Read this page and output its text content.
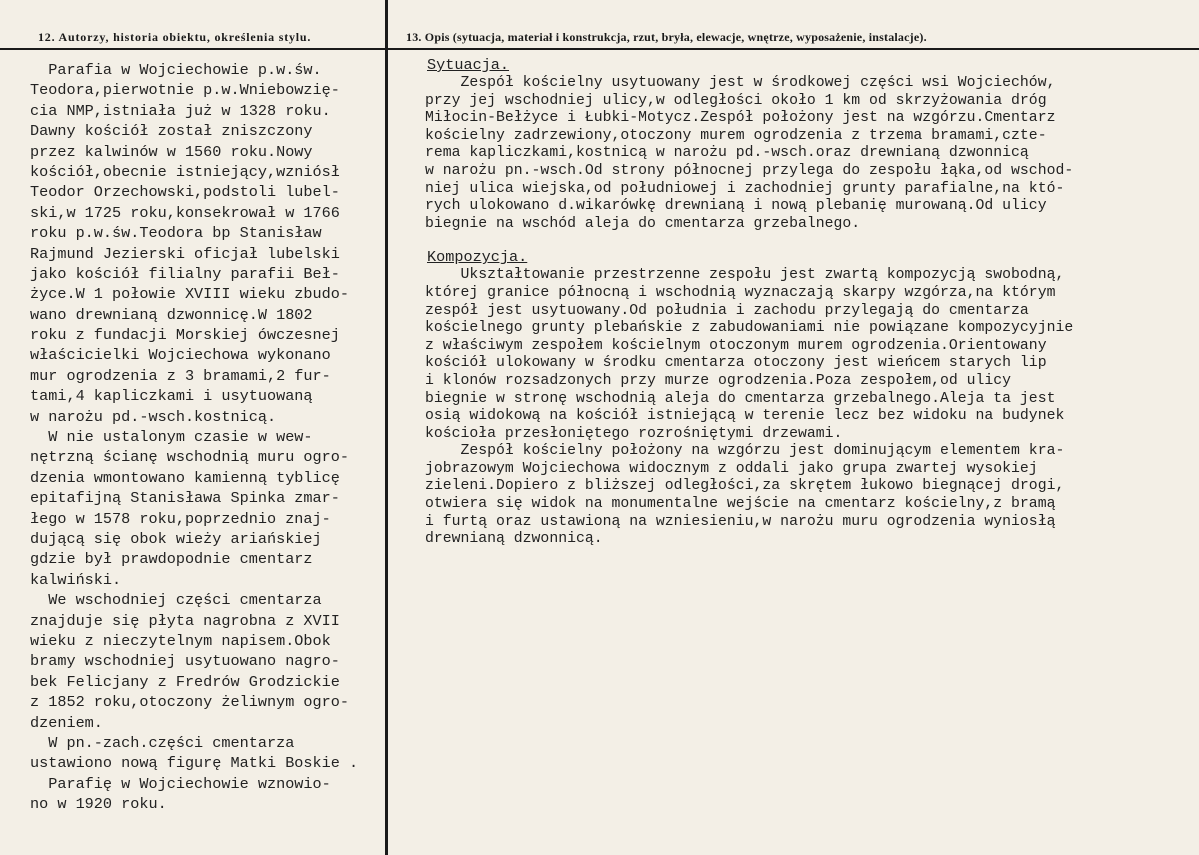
12. Autorzy, historia obiektu, określenia stylu.	13. Opis (sytuacja, materiał i konstrukcja, rzut, bryła, elewacje, wnętrze, wyposażenie, instalacje).
Parafia w Wojciechowie p.w.św.
Teodora,pierwotnie p.w.Wniebowzię-
cia NMP,istniała już w 1328 roku.
Dawny kościół został zniszczony
przez kalwinów w 1560 roku.Nowy
kościół,obecnie istniejący,wzniósł
Teodor Orzechowski,podstoli lubel-
ski,w 1725 roku,konsekrował w 1766
roku p.w.św.Teodora bp Stanisław
Rajmund Jezierski oficjał lubelski
jako kościół filialny parafii Beł-
życe.W 1 połowie XVIII wieku zbudo-
wano drewnianą dzwonnicę.W 1802
roku z fundacji Morskiej ówczesnej
właścicielki Wojciechowa wykonano
mur ogrodzenia z 3 bramami,2 fur-
tami,4 kapliczkami i usytuowaną
w narożu pd.-wsch.kostnicą.
W nie ustalonym czasie w wew-
nętrzną ścianę wschodnią muru ogro-
dzenia wmontowano kamienną tyblicę
epitafijną Stanisława Spinka zmar-
łego w 1578 roku,poprzednio znaj-
dującą się obok wieży ariańskiej
gdzie był prawdopodnie cmentarz
kalwiński.
We wschodniej części cmentarza
znajduje się płyta nagrobna z XVII
wieku z nieczytelnym napisem.Obok
bramy wschodniej usytuowano nagro-
bek Felicjany z Fredrów Grodzickie
z 1852 roku,otoczony żeliwnym ogro-
dzeniem.
W pn.-zach.części cmentarza
ustawiono nową figurę Matki Boskie .
Parafię w Wojciechowie wznowio-
no w 1920 roku.
Sytuacja.
Zespół kościelny usytuowany jest w środkowej części wsi Wojciechów,
przy jej wschodniej ulicy,w odległości około 1 km od skrzyżowania dróg
Miłocin-Bełżyce i Łubki-Motycz.Zespół położony jest na wzgórzu.Cmentarz
kościelny zadrzewiony,otoczony murem ogrodzenia z trzema bramami,czte-
rema kapliczkami,kostnicą w narożu pd.-wsch.oraz drewnianą dzwonnicą
w narożu pn.-wsch.Od strony północnej przylega do zespołu łąka,od wschod-
niej ulica wiejska,od południowej i zachodniej grunty parafialne,na któ-
rych ulokowano d.wikarówkę drewnianą i nową plebanię murowaną.Od ulicy
biegnie na wschód aleja do cmentarza grzebalnego.
Kompozycja.
Ukształtowanie przestrzenne zespołu jest zwartą kompozycją swobodną,
której granice północną i wschodnią wyznaczają skarpy wzgórza,na którym
zespół jest usytuowany.Od południa i zachodu przylegają do cmentarza
kościelnego grunty plebańskie z zabudowaniami nie powiązane kompozycyjnie
z właściwym zespołem kościelnym otoczonym murem ogrodzenia.Orientowany
kościół ulokowany w środku cmentarza otoczony jest wieńcem starych lip
i klonów rozsadzonych przy murze ogrodzenia.Poza zespołem,od ulicy
biegnie w stronę wschodnią aleja do cmentarza grzebalnego.Aleja ta jest
osią widokową na kościół istniejącą w terenie lecz bez widoku na budynek
kościoła przesłoniętego rozrośniętymi drzewami.
Zespół kościelny położony na wzgórzu jest dominującym elementem kra-
jobrazowym Wojciechowa widocznym z oddali jako grupa zwartej wysokiej
zieleni.Dopiero z bliższej odległości,za skrętem łukowo biegnącej drogi,
otwiera się widok na monumentalne wejście na cmentarz kościelny,z bramą
i furtą oraz ustawioną na wzniesieniu,w narożu muru ogrodzenia wyniosłą
drewnianą dzwonnicą.
